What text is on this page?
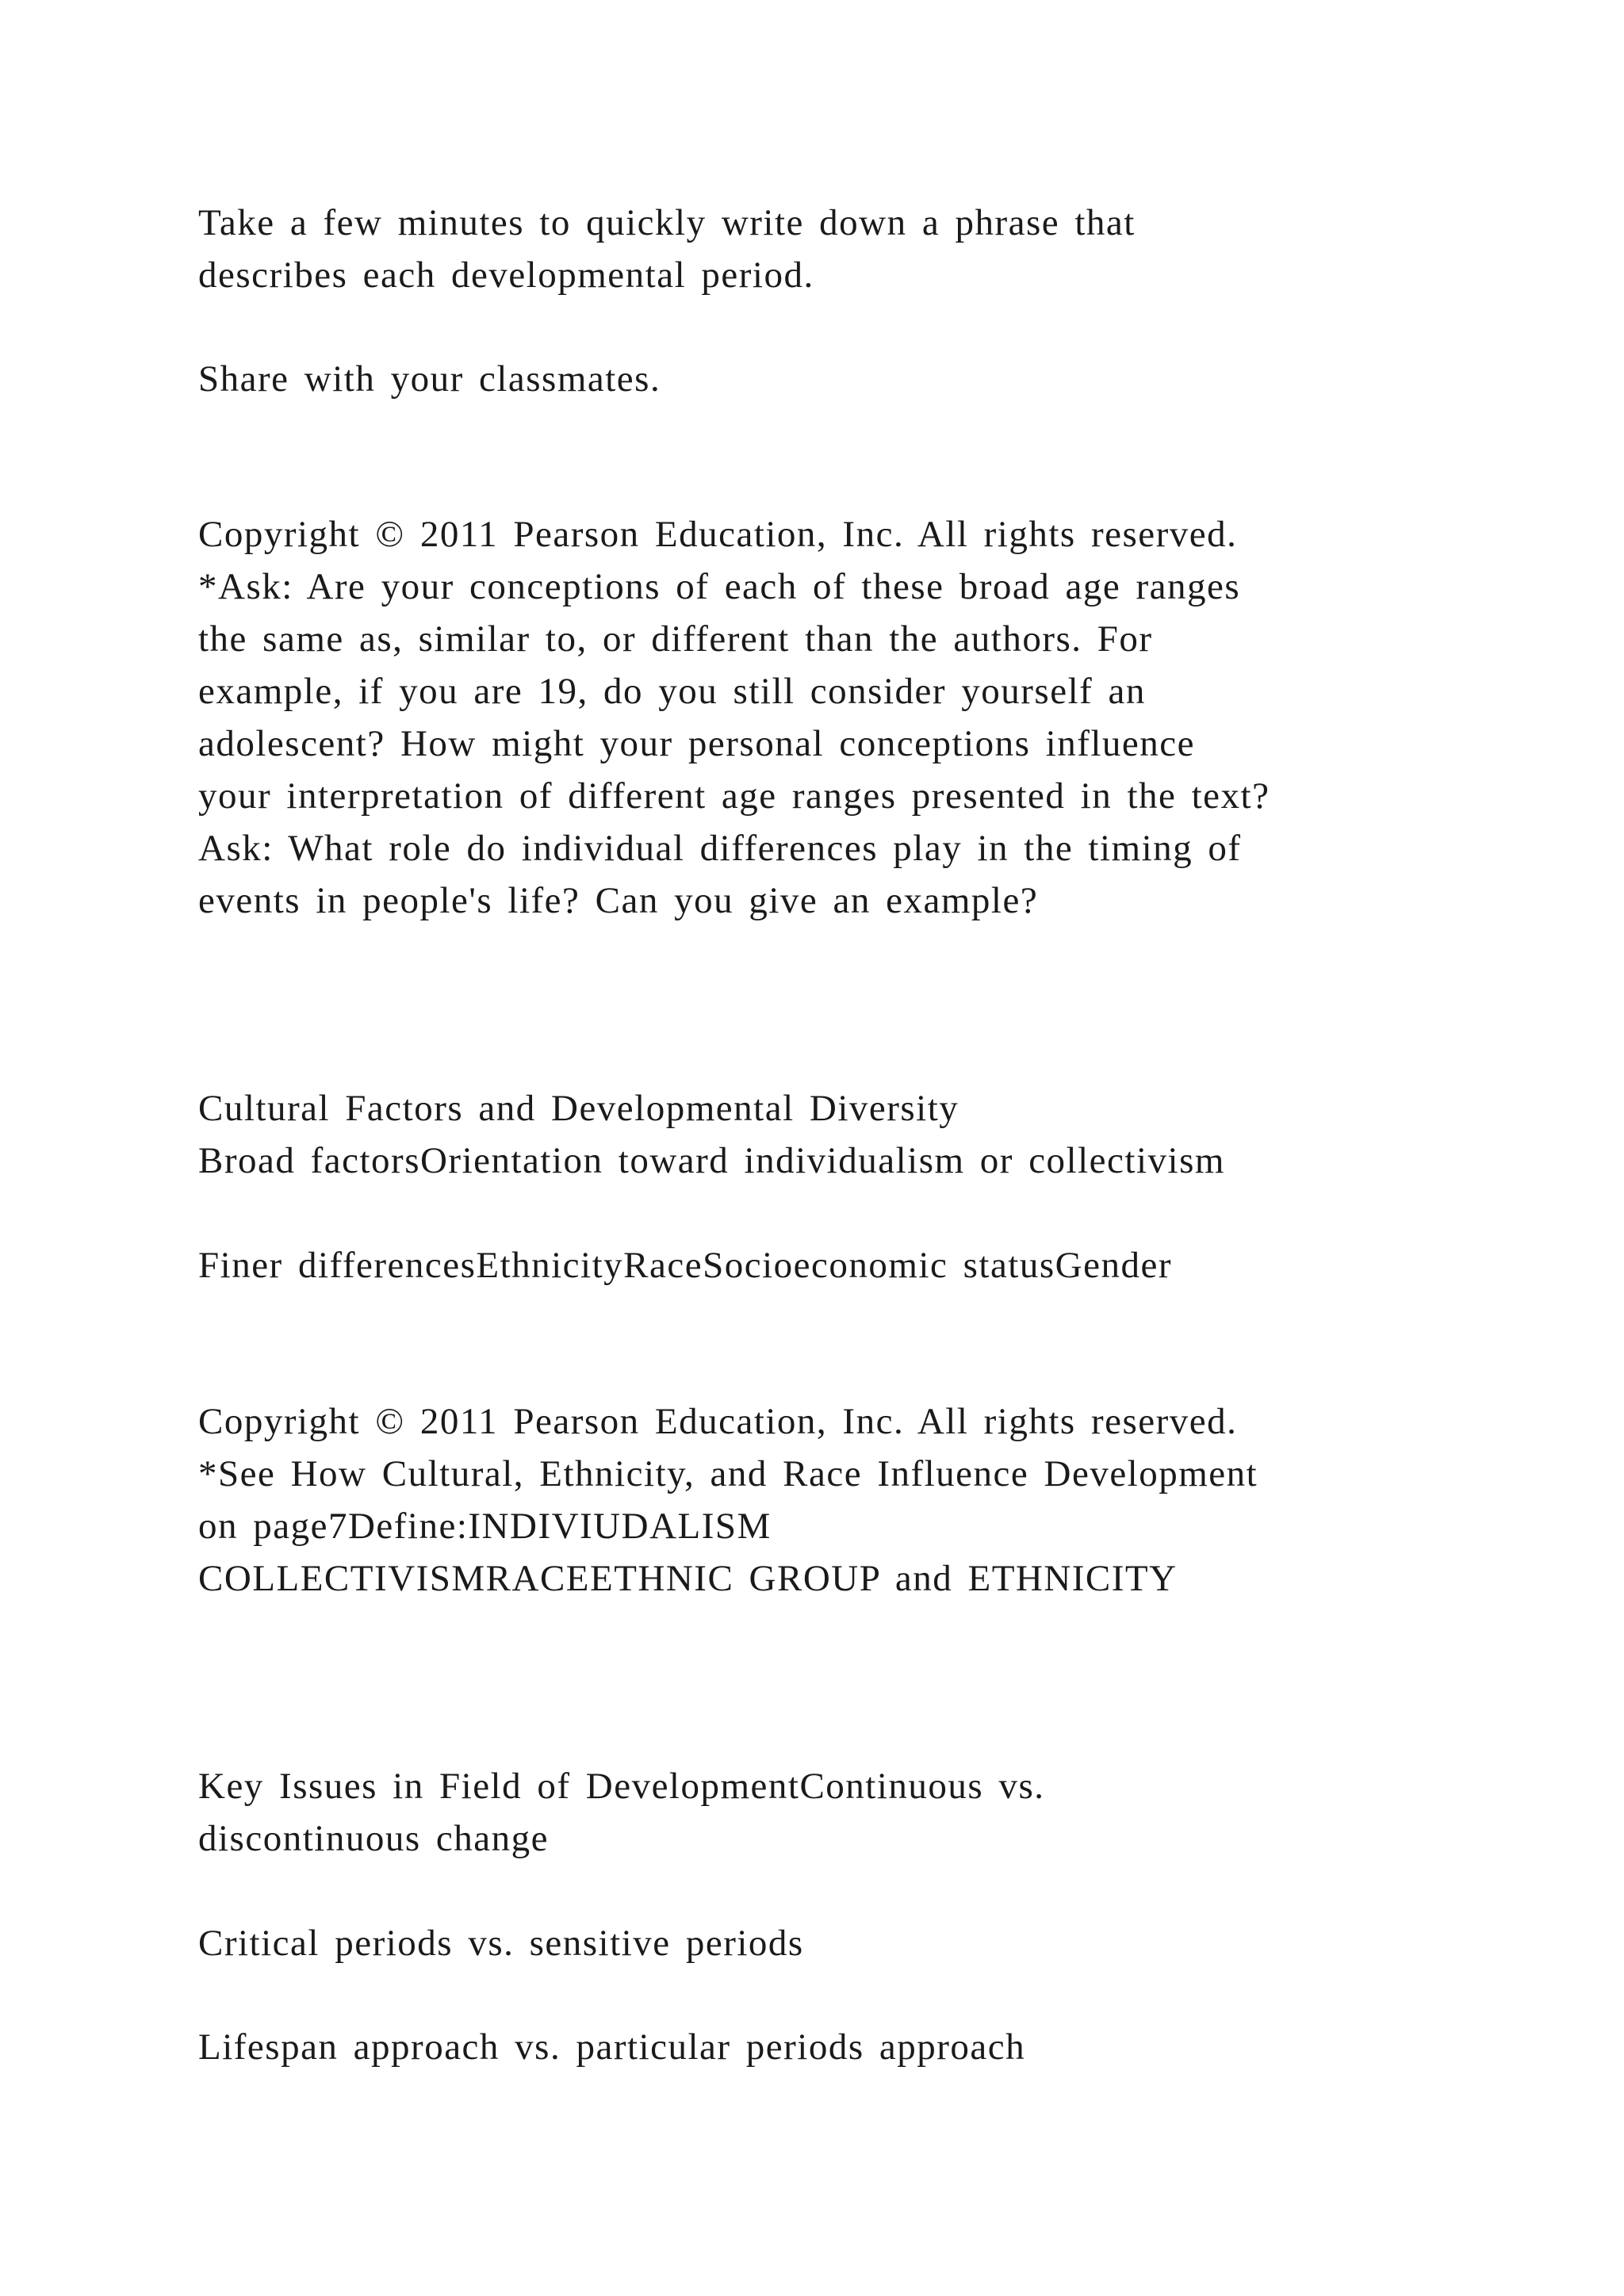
Take a few minutes to quickly write down a phrase that
describes each developmental period.
Share with your classmates.
Copyright © 2011 Pearson Education, Inc. All rights reserved.
*Ask: Are your conceptions of each of these broad age ranges
the same as, similar to, or different than the authors. For
example, if you are 19, do you still consider yourself an
adolescent? How might your personal conceptions influence
your interpretation of different age ranges presented in the text?
Ask: What role do individual differences play in the timing of
events in people's life? Can you give an example?
Cultural Factors and Developmental Diversity
Broad factorsOrientation toward individualism or collectivism
Finer differencesEthnicityRaceSocioeconomic statusGender
Copyright © 2011 Pearson Education, Inc. All rights reserved.
*See How Cultural, Ethnicity, and Race Influence Development
on page7Define:INDIVIUDALISM
COLLECTIVISMRACEETHNIC GROUP and ETHNICITY
Key Issues in Field of DevelopmentContinuous vs.
discontinuous change
Critical periods vs. sensitive periods
Lifespan approach vs. particular periods approach
